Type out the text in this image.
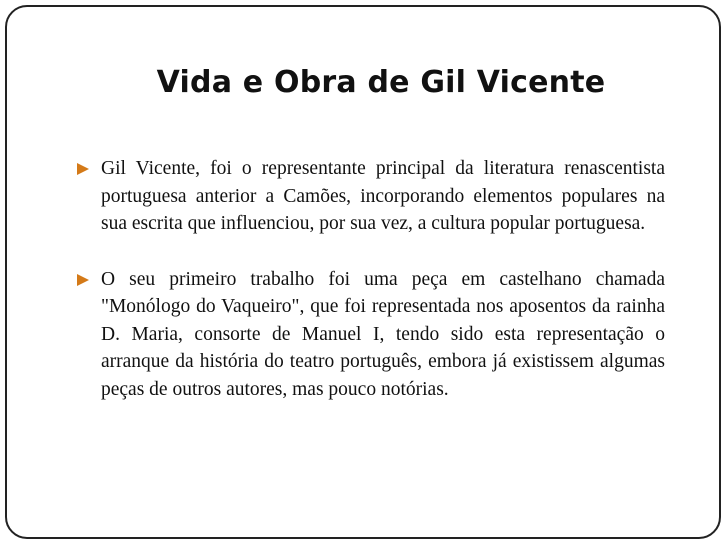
Vida e Obra de Gil Vicente
Gil Vicente, foi o representante principal da literatura renascentista portuguesa anterior a Camões, incorporando elementos populares na sua escrita que influenciou, por sua vez, a cultura popular portuguesa.
O seu primeiro trabalho foi uma peça em castelhano chamada "Monólogo do Vaqueiro", que foi representada nos aposentos da rainha D. Maria, consorte de Manuel I, tendo sido esta representação o arranque da história do teatro português, embora já existissem algumas peças de outros autores, mas pouco notórias.
